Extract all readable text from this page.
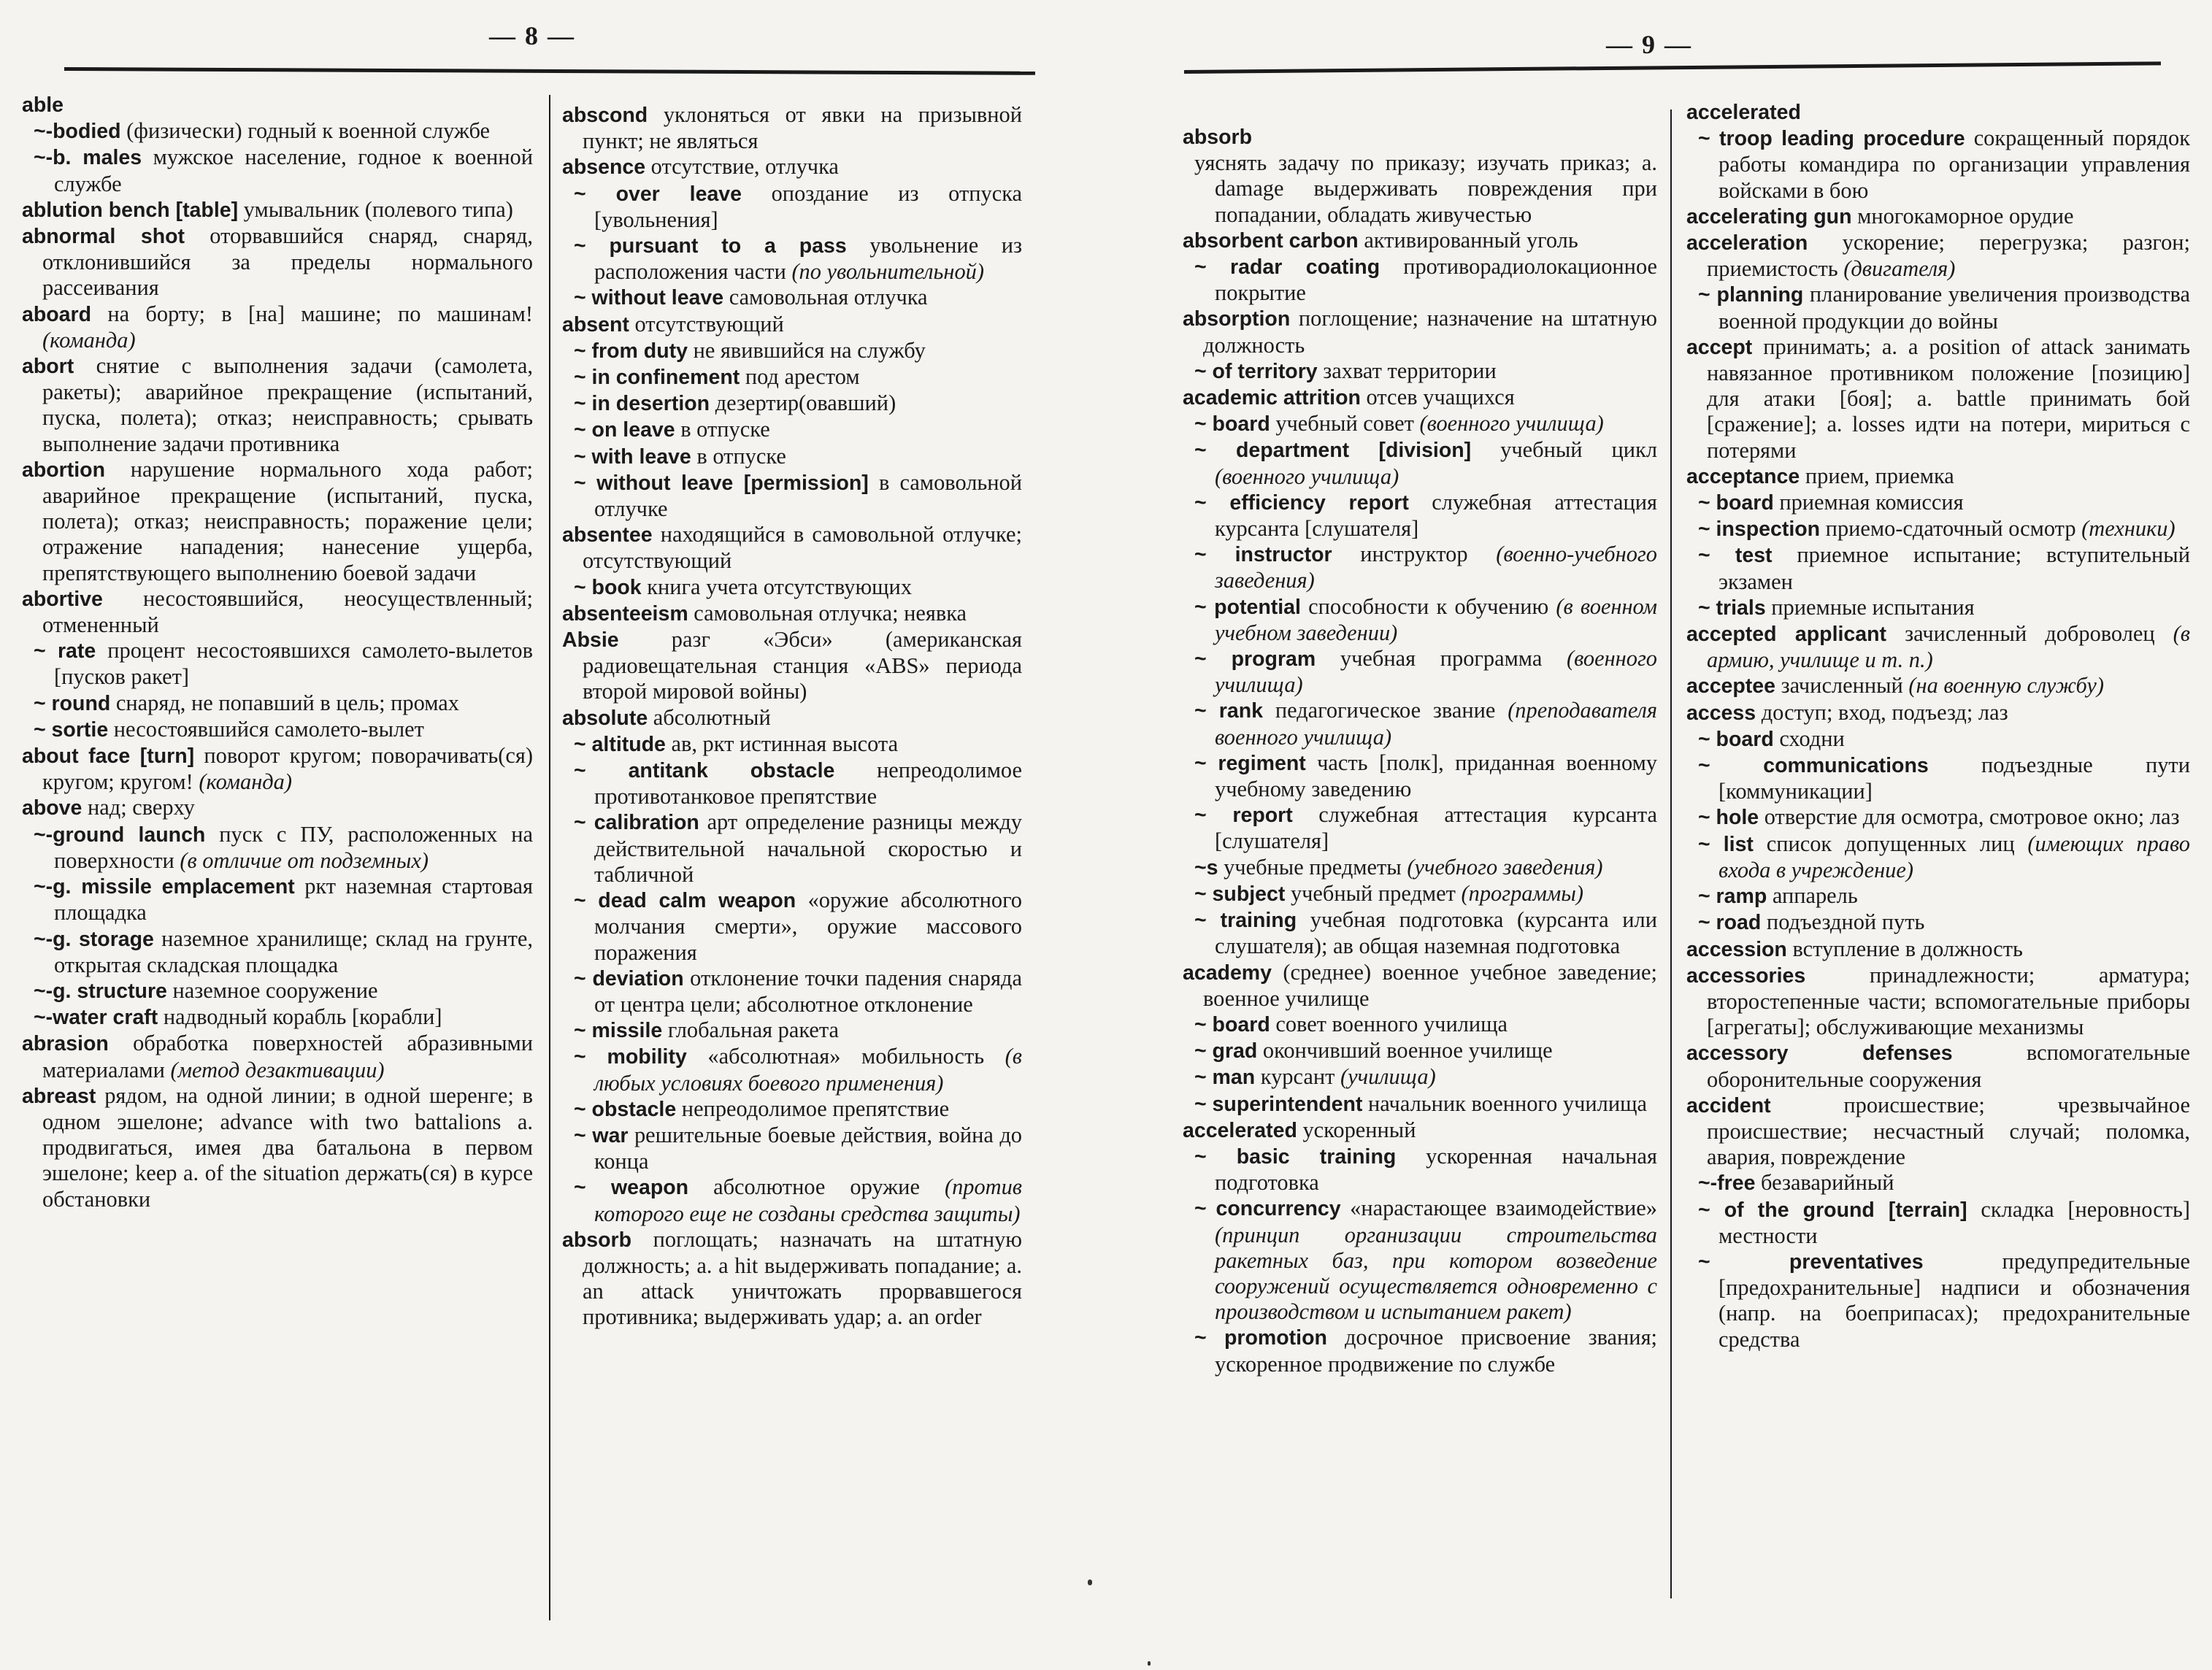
— 8 —	— 9 —

able

~-bodied (физически) годный к военной службе

~-b. males мужское население, годное к военной службе

ablution bench [table] умывальник (полевого типа)

abnormal shot оторвавшийся снаряд, снаряд, отклонившийся за пределы нормального рассеивания

aboard на борту; в [на] машине; по машинам! (команда)

abort снятие с выполнения задачи (самолета, ракеты); аварийное прекращение (испытаний, пуска, полета); отказ; неисправность; срывать выполнение задачи противника

abortion нарушение нормального хода работ; аварийное прекращение (испытаний, пуска, полета); отказ; неисправность; поражение цели; отражение нападения; нанесение ущерба, препятствующего выполнению боевой задачи

abortive несостоявшийся, неосуществленный; отмененный

~ rate процент несостоявшихся самолето-вылетов [пусков ракет]

~ round снаряд, не попавший в цель; промах

~ sortie несостоявшийся самолето-вылет

about face [turn] поворот кругом; поворачивать(ся) кругом; кругом! (команда)

above над; сверху

~-ground launch пуск с ПУ, расположенных на поверхности (в отличие от подземных)

~-g. missile emplacement ркт наземная стартовая площадка

~-g. storage наземное хранилище; склад на грунте, открытая складская площадка

~-g. structure наземное сооружение

~-water craft надводный корабль [корабли]

abrasion обработка поверхностей абразивными материалами (метод дезактивации)

abreast рядом, на одной линии; в одной шеренге; в одном эшелоне; advance with two battalions a. продвигаться, имея два батальона в первом эшелоне; keep a. of the situation держать(ся) в курсе обстановки

abscond уклоняться от явки на призывной пункт; не являться

absence отсутствие, отлучка

~ over leave опоздание из отпуска [увольнения]

~ pursuant to a pass увольнение из расположения части (по увольнительной)

~ without leave самовольная отлучка

absent отсутствующий

~ from duty не явившийся на службу

~ in confinement под арестом

~ in desertion дезертир(овавший)

~ on leave в отпуске

~ with leave в отпуске

~ without leave [permission] в самовольной отлучке

absentee находящийся в самовольной отлучке; отсутствующий

~ book книга учета отсутствующих

absenteeism самовольная отлучка; неявка

Absie разг «Эбси» (американская радиовещательная станция «ABS» периода второй мировой войны)

absolute абсолютный

~ altitude ав, ркт истинная высота

~ antitank obstacle непреодолимое противотанковое препятствие

~ calibration арт определение разницы между действительной начальной скоростью и табличной

~ dead calm weapon «оружие абсолютного молчания смерти», оружие массового поражения

~ deviation отклонение точки падения снаряда от центра цели; абсолютное отклонение

~ missile глобальная ракета

~ mobility «абсолютная» мобильность (в любых условиях боевого применения)

~ obstacle непреодолимое препятствие

~ war решительные боевые действия, война до конца

~ weapon абсолютное оружие (против которого еще не созданы средства защиты)

absorb поглощать; назначать на штатную должность; a. a hit выдерживать попадание; a. an attack уничтожать прорвавшегося противника; выдерживать удар; a. an order

absorb

уяснять задачу по приказу; изучать приказ; a. damage выдерживать повреждения при попадании, обладать живучестью

absorbent carbon активированный уголь

~ radar coating противорадиолокационное покрытие

absorption поглощение; назначение на штатную должность

~ of territory захват территории

academic attrition отсев учащихся

~ board учебный совет (военного училища)

~ department [division] учебный цикл (военного училища)

~ efficiency report служебная аттестация курсанта [слушателя]

~ instructor инструктор (военно-учебного заведения)

~ potential способности к обучению (в военном учебном заведении)

~ program учебная программа (военного училища)

~ rank педагогическое звание (преподавателя военного училища)

~ regiment часть [полк], приданная военному учебному заведению

~ report служебная аттестация курсанта [слушателя]

~s учебные предметы (учебного заведения)

~ subject учебный предмет (программы)

~ training учебная подготовка (курсанта или слушателя); ав общая наземная подготовка

academy (среднее) военное учебное заведение; военное училище

~ board совет военного училища

~ grad окончивший военное училище

~ man курсант (училища)

~ superintendent начальник военного училища

accelerated ускоренный

~ basic training ускоренная начальная подготовка

~ concurrency «нарастающее взаимодействие» (принцип организации строительства ракетных баз, при котором возведение сооружений осуществляется одновременно с производством и испытанием ракет)

~ promotion досрочное присвоение звания; ускоренное продвижение по службе

accelerated

~ troop leading procedure сокращенный порядок работы командира по организации управления войсками в бою

accelerating gun многокаморное орудие

acceleration ускорение; перегрузка; разгон; приемистость (двигателя)

~ planning планирование увеличения производства военной продукции до войны

accept принимать; a. a position of attack занимать навязанное противником положение [позицию] для атаки [боя]; a. battle принимать бой [сражение]; a. losses идти на потери, мириться с потерями

acceptance прием, приемка

~ board приемная комиссия

~ inspection приемо-сдаточный осмотр (техники)

~ test приемное испытание; вступительный экзамен

~ trials приемные испытания

accepted applicant зачисленный доброволец (в армию, училище и т. п.)

acceptee зачисленный (на военную службу)

access доступ; вход, подъезд; лаз

~ board сходни

~ communications подъездные пути [коммуникации]

~ hole отверстие для осмотра, смотровое окно; лаз

~ list список допущенных лиц (имеющих право входа в учреждение)

~ ramp аппарель

~ road подъездной путь

accession вступление в должность

accessories принадлежности; арматура; второстепенные части; вспомогательные приборы [агрегаты]; обслуживающие механизмы

accessory defenses вспомогательные оборонительные сооружения

accident происшествие; чрезвычайное происшествие; несчастный случай; поломка, авария, повреждение

~-free безаварийный

~ of the ground [terrain] складка [неровность] местности

~ preventatives предупредительные [предохранительные] надписи и обозначения (напр. на боеприпасах); предохранительные средства
